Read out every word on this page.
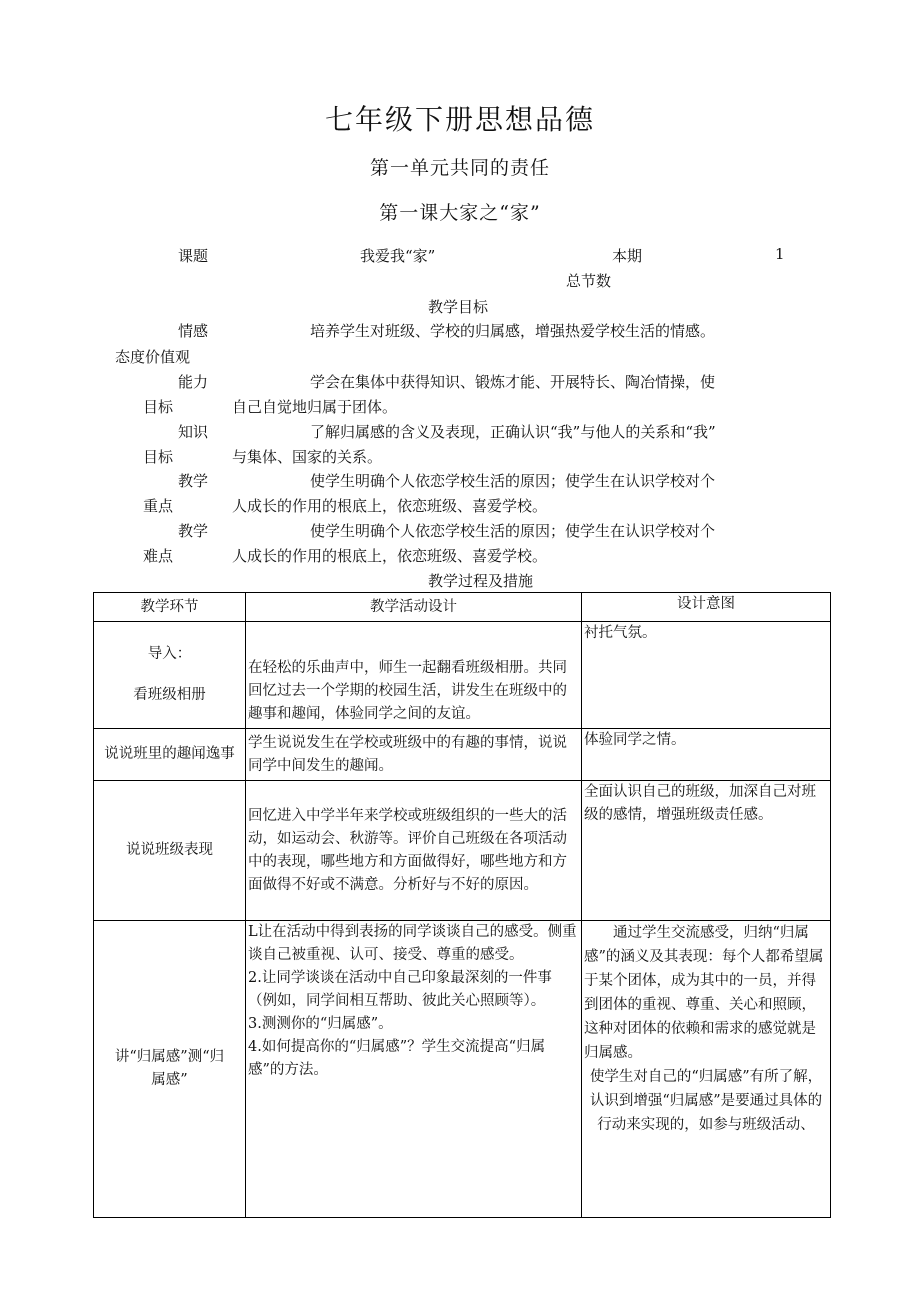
七年级下册思想品德
第一单元共同的责任
第一课大家之“家”
课题	我爱我“家”	本期
总节数
1
教学目标
情感	培养学生对班级、学校的归属感，增强热爱学校生活的情感。
态度价值观
能力	学会在集体中获得知识、锻炼才能、开展特长、陶冶情操，使
目标	自己自觉地归属于团体。
知识	了解归属感的含义及表现，正确认识“我”与他人的关系和“我”
目标	与集体、国家的关系。
教学	使学生明确个人依恋学校生活的原因；使学生在认识学校对个
重点	人成长的作用的根底上，依恋班级、喜爱学校。
教学	使学生明确个人依恋学校生活的原因；使学生在认识学校对个
难点	人成长的作用的根底上，依恋班级、喜爱学校。
教学过程及措施
教学环节	教学活动设计	设计意图

导入：
看班级相册	在轻松的乐曲声中，师生一起翻看班级相册。共同回忆过去一个学期的校园生活，讲发生在班级中的趣事和趣闻，体验同学之间的友谊。	衬托气氛。
说说班里的趣闻逸事	学生说说发生在学校或班级中的有趣的事情，说说同学中间发生的趣闻。	体验同学之情。
说说班级表现	回忆进入中学半年来学校或班级组织的一些大的活动，如运动会、秋游等。评价自己班级在各项活动中的表现，哪些地方和方面做得好，哪些地方和方面做得不好或不满意。分析好与不好的原因。	全面认识自己的班级，加深自己对班级的感情，增强班级责任感。
讲“归属感”测“归属感”	L让在活动中得到表扬的同学谈谈自己的感受。侧重谈自己被重视、认可、接受、尊重的感受。
2.让同学谈谈在活动中自己印象最深刻的一件事（例如，同学间相互帮助、彼此关心照顾等）。
3.测测你的“归属感”。
4.如何提高你的“归属感”？学生交流提高“归属感”的方法。	通过学生交流感受，归纳“归属感”的涵义及其表现：每个人都希望属于某个团体，成为其中的一员，并得到团体的重视、尊重、关心和照顾，这种对团体的依赖和需求的感觉就是归属感。
使学生对自己的“归属感”有所了解，认识到增强“归属感”是要通过具体的行动来实现的，如参与班级活动、
